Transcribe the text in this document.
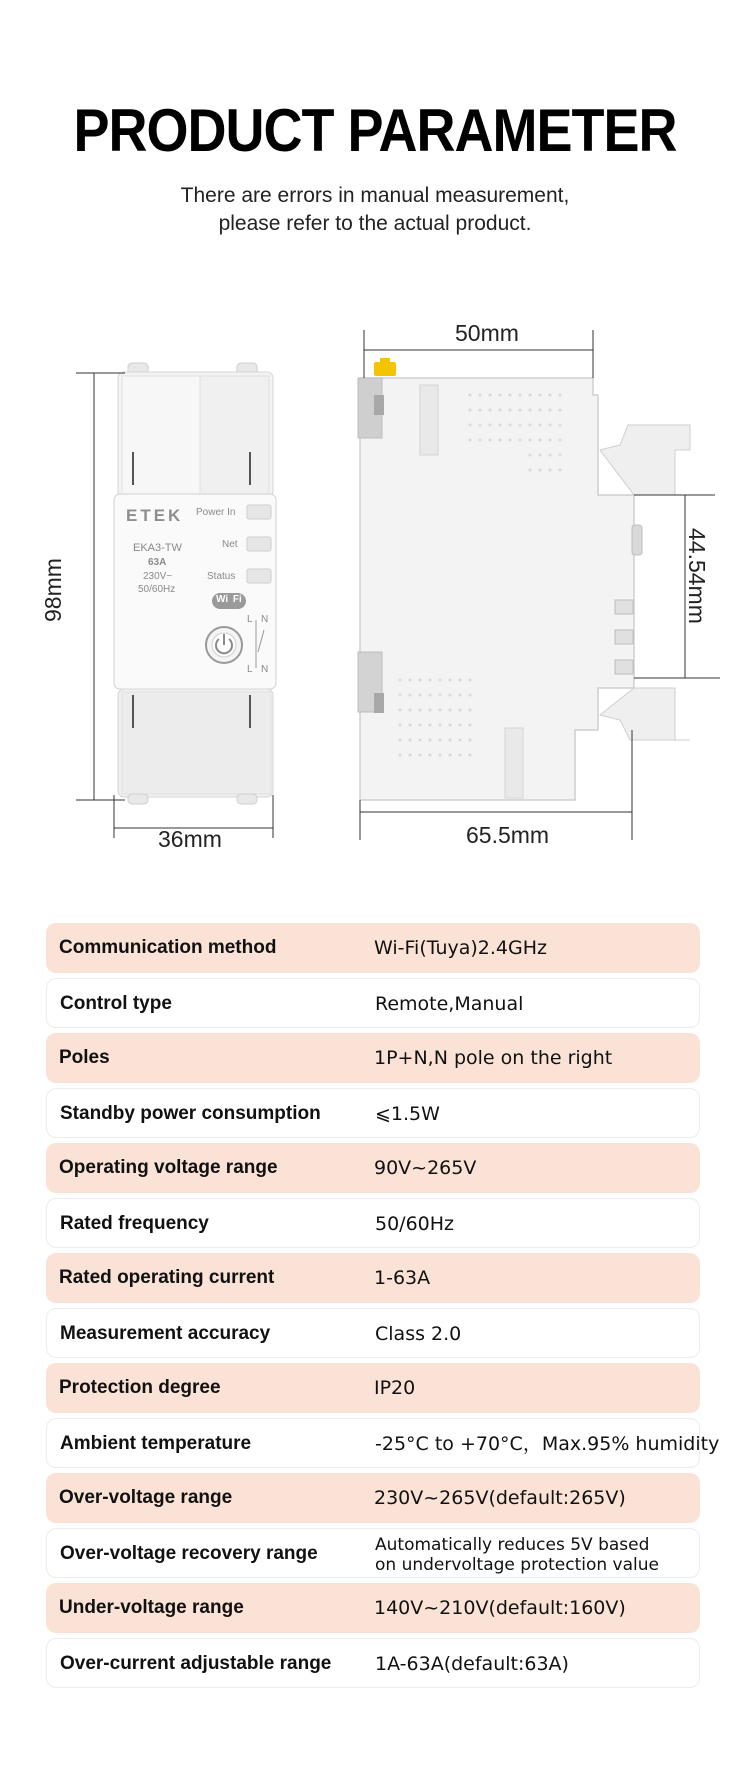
PRODUCT PARAMETER
There are errors in manual measurement,
please refer to the actual product.
ETEK Power In
Net
Status
EKA3-TW
63A
230V~
50/60Hz
Wi Fi
L N
L N
98mm
36mm
50mm
65.5mm
44.54mm
Communication method	Wi-Fi(Tuya)2.4GHz
Control type	Remote,Manual
Poles	1P+N,N pole on the right
Standby power consumption	⩽1.5W
Operating voltage range	90V~265V
Rated frequency	50/60Hz
Rated operating current	1-63A
Measurement accuracy	Class 2.0
Protection degree	IP20
Ambient temperature	-25°C to +70°C，Max.95% humidity
Over-voltage range	230V~265V(default:265V)
Over-voltage recovery range	Automatically reduces 5V based on undervoltage protection value
Under-voltage range	140V~210V(default:160V)
Over-current adjustable range 1A-63A(default:63A)
